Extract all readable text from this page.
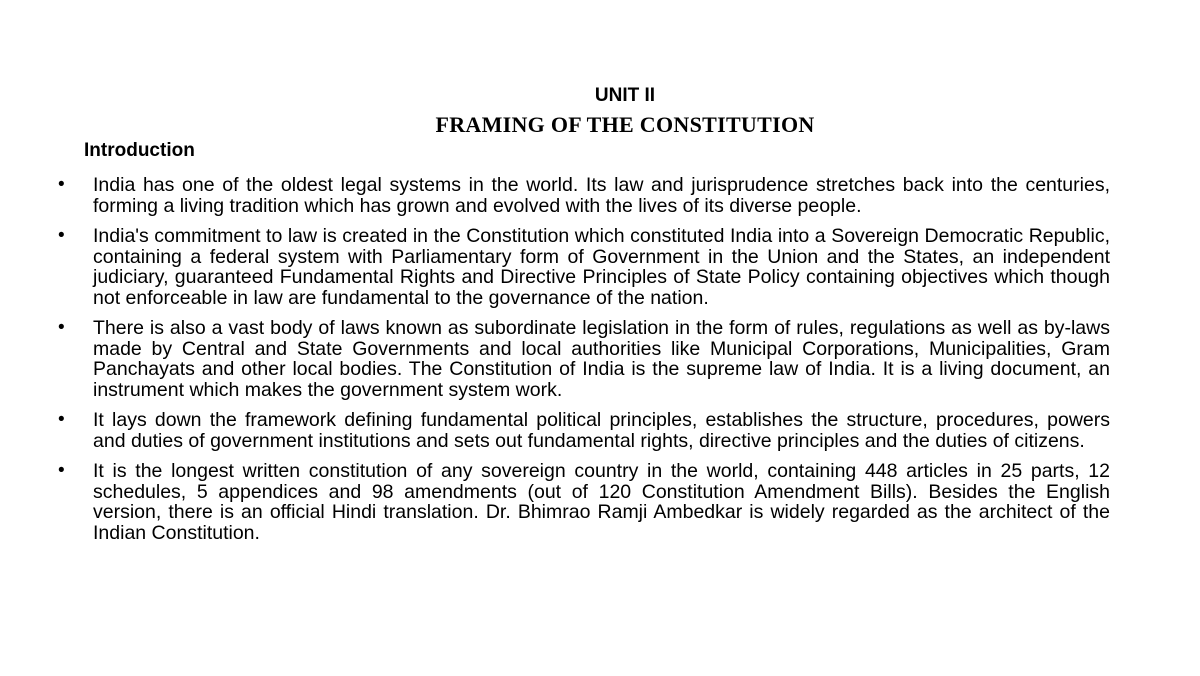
UNIT II
FRAMING OF THE CONSTITUTION
Introduction
• India has one of the oldest legal systems in the world. Its law and jurisprudence stretches back into the centuries, forming a living tradition which has grown and evolved with the lives of its diverse people.
• India's commitment to law is created in the Constitution which constituted India into a Sovereign Democratic Republic, containing a federal system with Parliamentary form of Government in the Union and the States, an independent judiciary, guaranteed Fundamental Rights and Directive Principles of State Policy containing objectives which though not enforceable in law are fundamental to the governance of the nation.
• There is also a vast body of laws known as subordinate legislation in the form of rules, regulations as well as by-laws made by Central and State Governments and local authorities like Municipal Corporations, Municipalities, Gram Panchayats and other local bodies. The Constitution of India is the supreme law of India. It is a living document, an instrument which makes the government system work.
• It lays down the framework defining fundamental political principles, establishes the structure, procedures, powers and duties of government institutions and sets out fundamental rights, directive principles and the duties of citizens.
• It is the longest written constitution of any sovereign country in the world, containing 448 articles in 25 parts, 12 schedules, 5 appendices and 98 amendments (out of 120 Constitution Amendment Bills). Besides the English version, there is an official Hindi translation. Dr. Bhimrao Ramji Ambedkar is widely regarded as the architect of the Indian Constitution.
